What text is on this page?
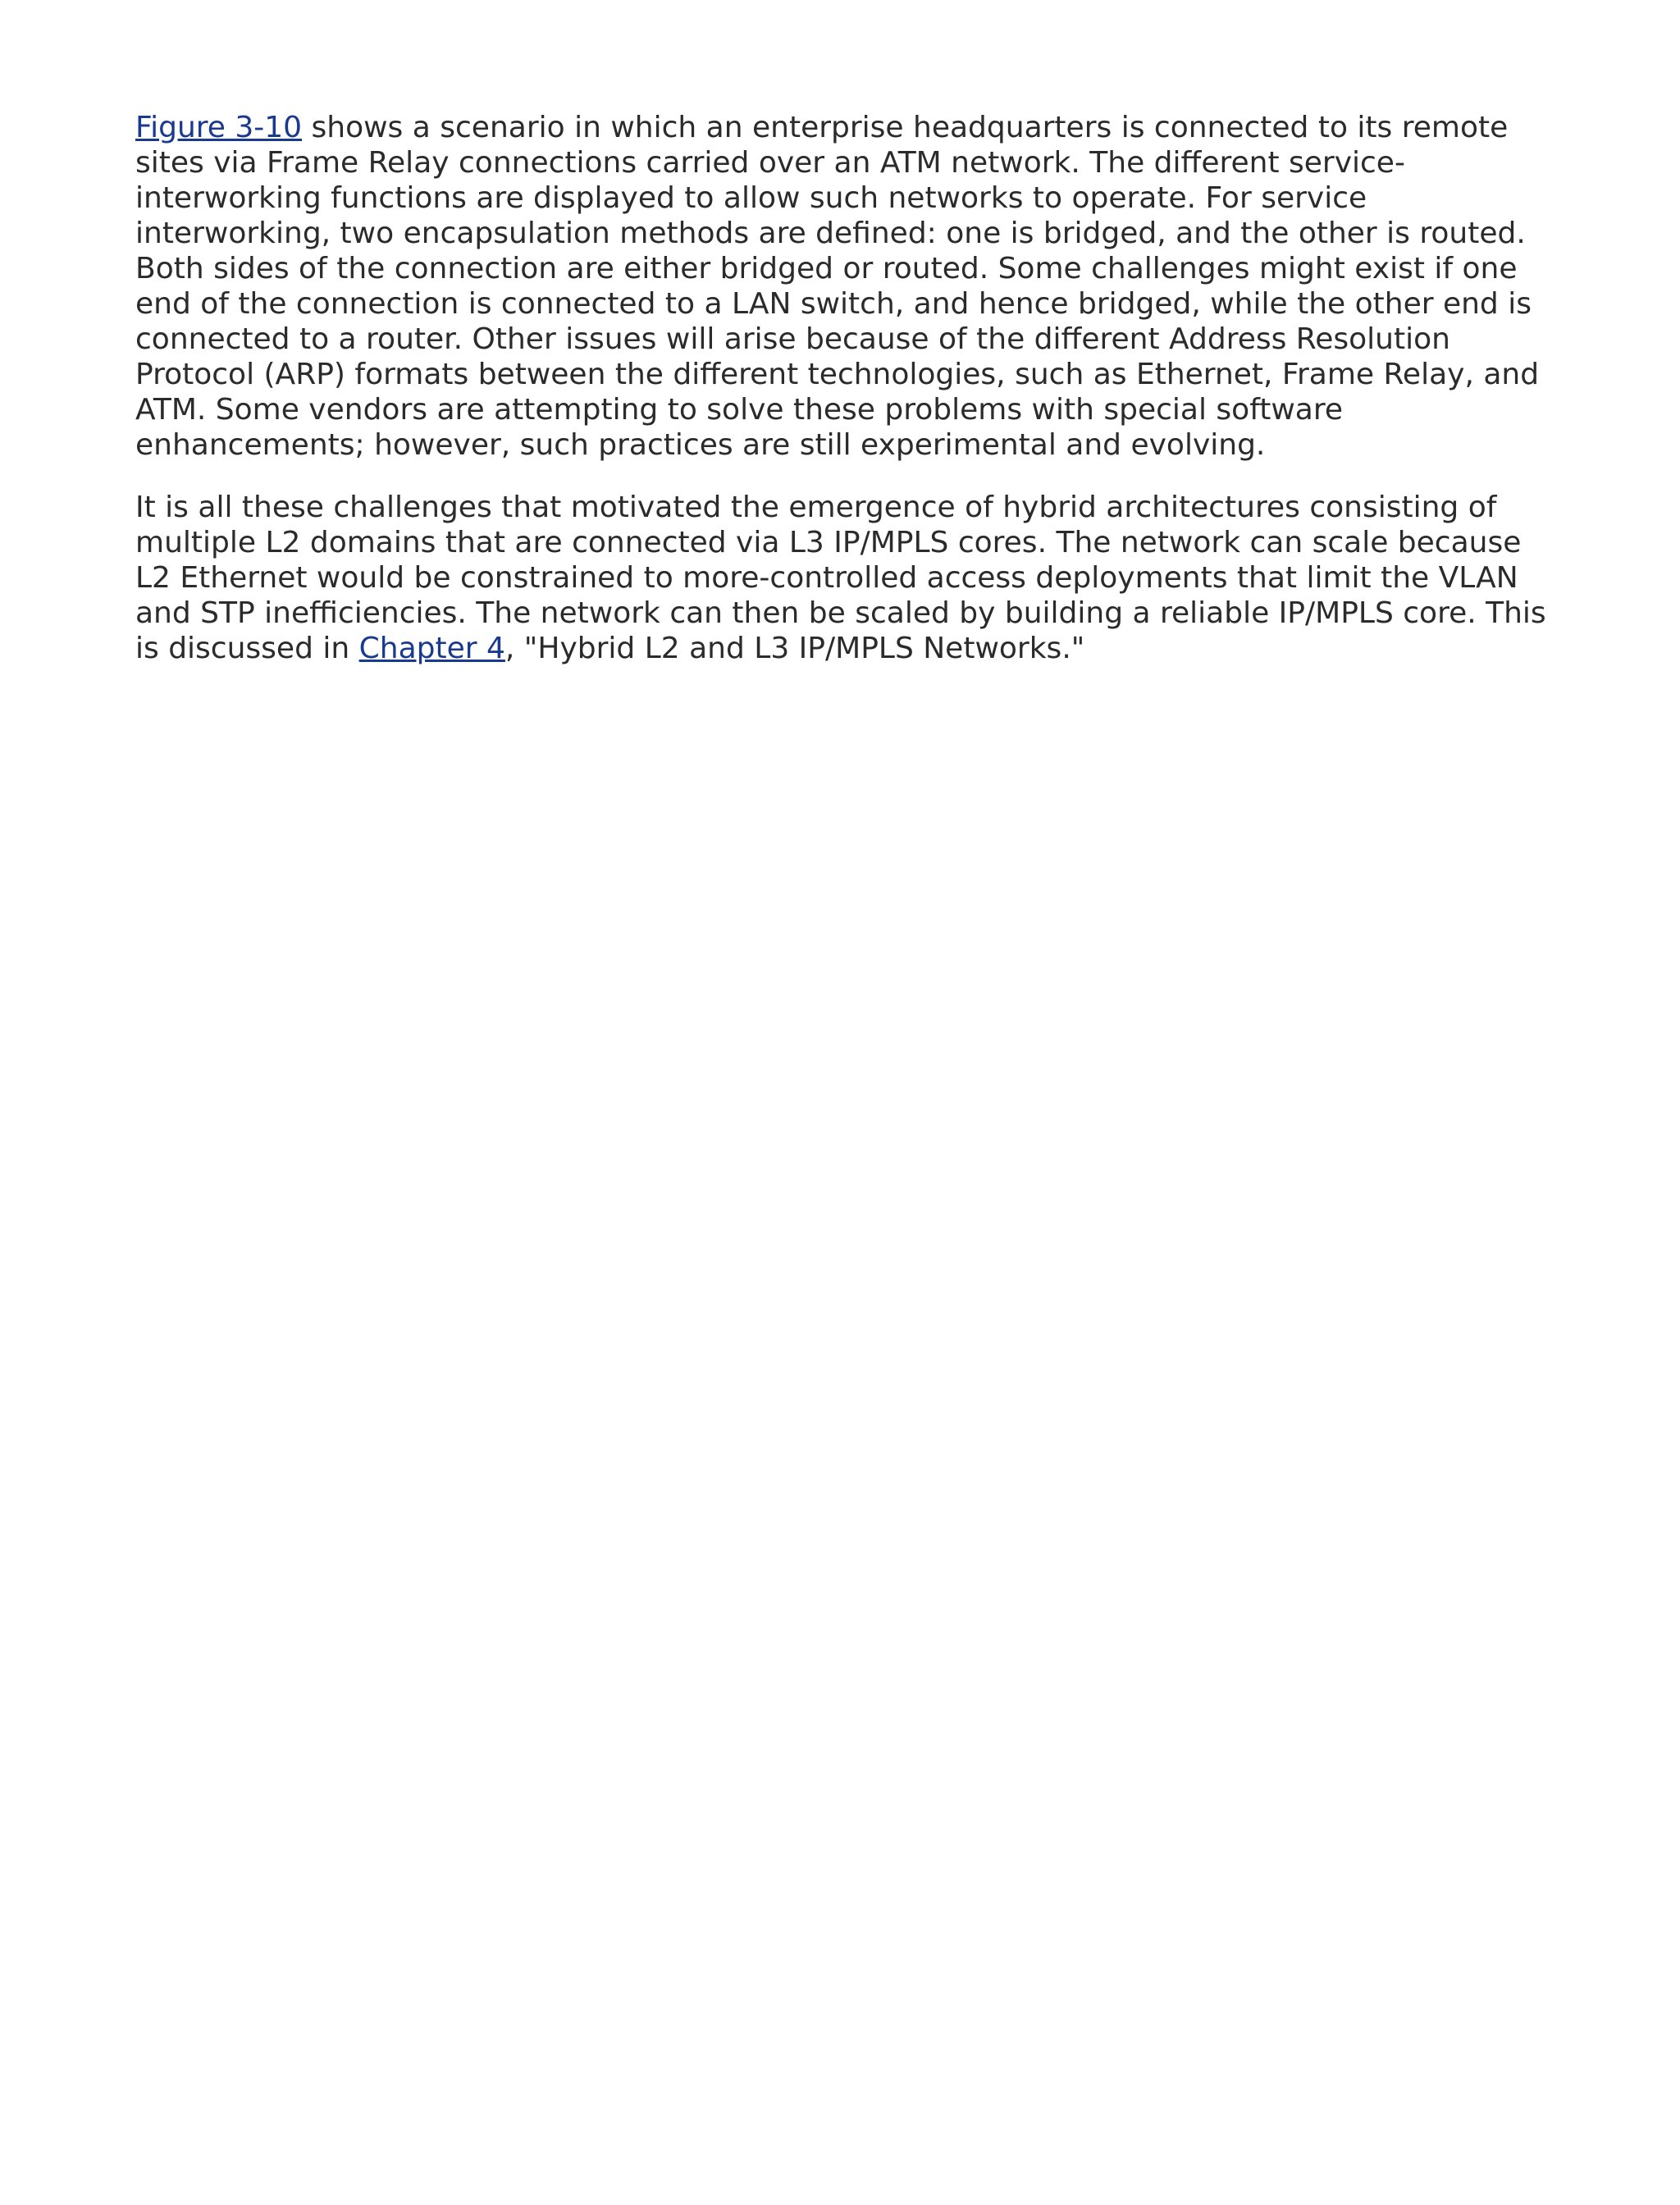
Figure 3-10 shows a scenario in which an enterprise headquarters is connected to its remote sites via Frame Relay connections carried over an ATM network. The different service-interworking functions are displayed to allow such networks to operate. For service interworking, two encapsulation methods are defined: one is bridged, and the other is routed. Both sides of the connection are either bridged or routed. Some challenges might exist if one end of the connection is connected to a LAN switch, and hence bridged, while the other end is connected to a router. Other issues will arise because of the different Address Resolution Protocol (ARP) formats between the different technologies, such as Ethernet, Frame Relay, and ATM. Some vendors are attempting to solve these problems with special software enhancements; however, such practices are still experimental and evolving.

It is all these challenges that motivated the emergence of hybrid architectures consisting of multiple L2 domains that are connected via L3 IP/MPLS cores. The network can scale because L2 Ethernet would be constrained to more-controlled access deployments that limit the VLAN and STP inefficiencies. The network can then be scaled by building a reliable IP/MPLS core. This is discussed in Chapter 4, "Hybrid L2 and L3 IP/MPLS Networks."
